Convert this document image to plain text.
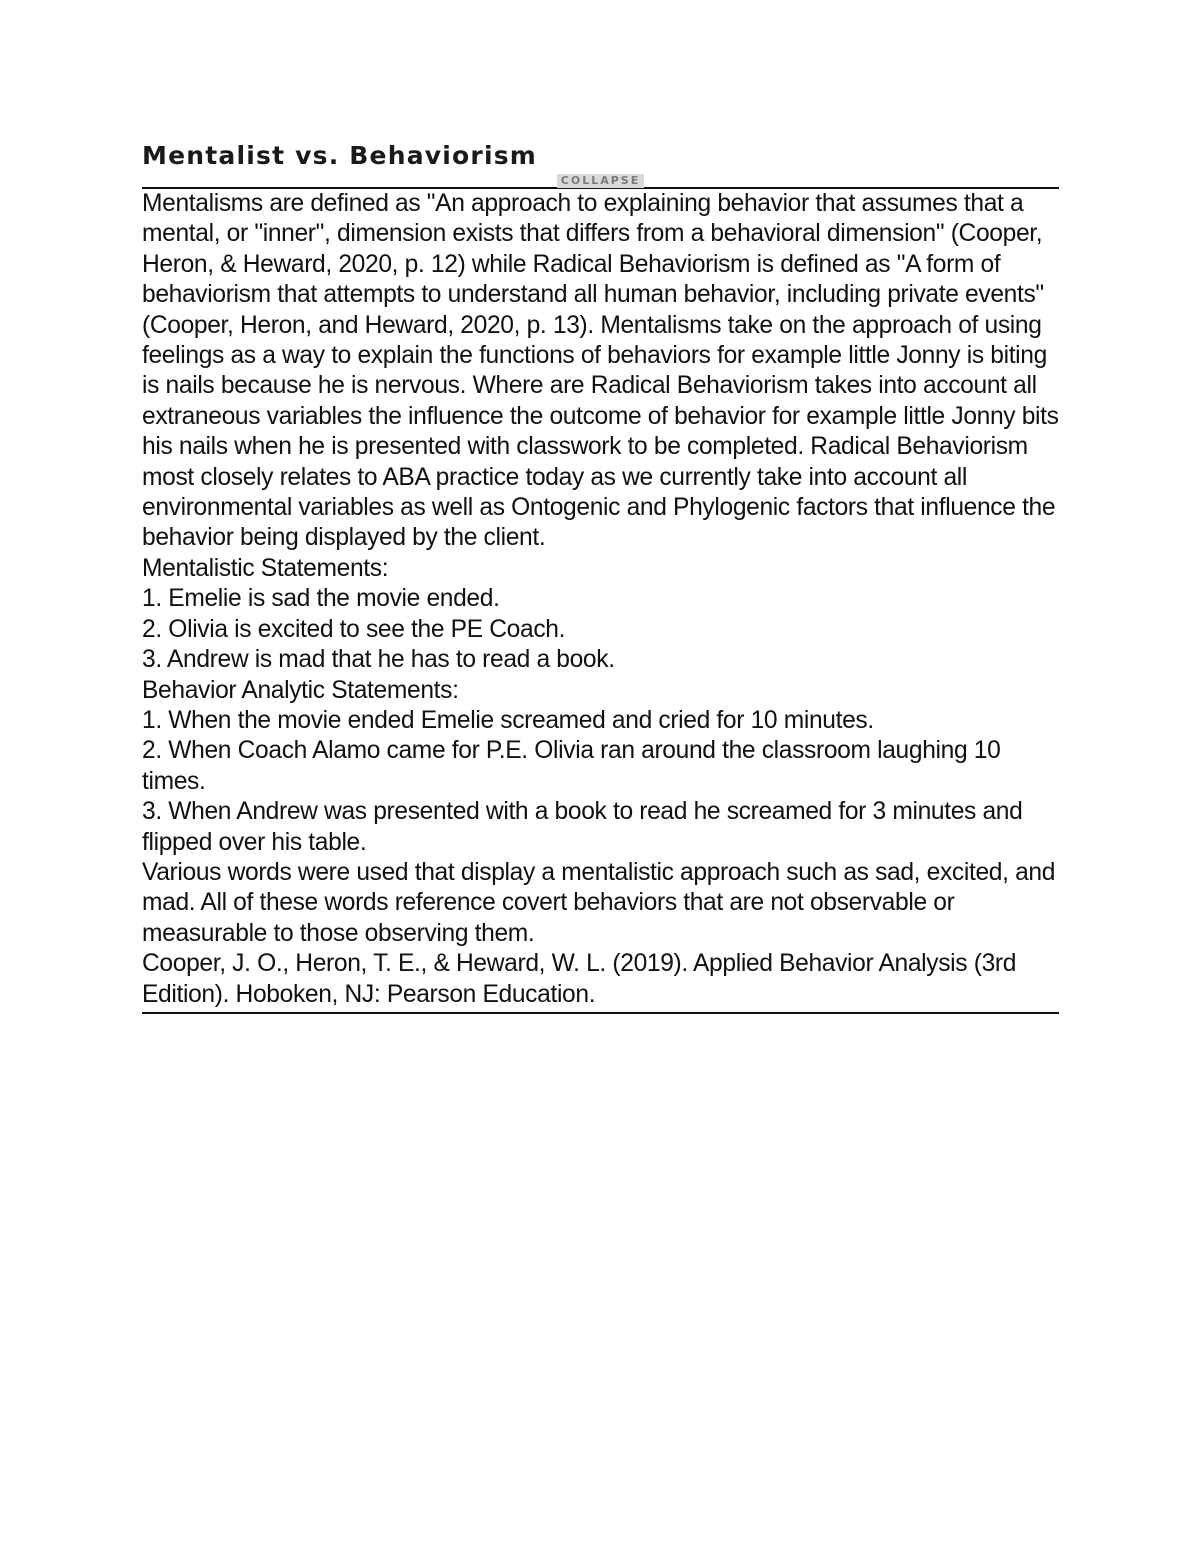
Mentalist vs. Behaviorism
COLLAPSE

Mentalisms are defined as "An approach to explaining behavior that assumes that a mental, or "inner", dimension exists that differs from a behavioral dimension" (Cooper, Heron, & Heward, 2020, p. 12) while Radical Behaviorism is defined as "A form of behaviorism that attempts to understand all human behavior, including private events" (Cooper, Heron, and Heward, 2020, p. 13). Mentalisms take on the approach of using feelings as a way to explain the functions of behaviors for example little Jonny is biting is nails because he is nervous. Where are Radical Behaviorism takes into account all extraneous variables the influence the outcome of behavior for example little Jonny bits his nails when he is presented with classwork to be completed. Radical Behaviorism most closely relates to ABA practice today as we currently take into account all environmental variables as well as Ontogenic and Phylogenic factors that influence the behavior being displayed by the client.

Mentalistic Statements:

1. Emelie is sad the movie ended.

2. Olivia is excited to see the PE Coach.

3. Andrew is mad that he has to read a book.

Behavior Analytic Statements:

1. When the movie ended Emelie screamed and cried for 10 minutes.

2. When Coach Alamo came for P.E. Olivia ran around the classroom laughing 10 times.

3. When Andrew was presented with a book to read he screamed for 3 minutes and flipped over his table.

Various words were used that display a mentalistic approach such as sad, excited, and mad. All of these words reference covert behaviors that are not observable or measurable to those observing them.

Cooper, J. O., Heron, T. E., & Heward, W. L. (2019). Applied Behavior Analysis (3rd Edition). Hoboken, NJ: Pearson Education.
